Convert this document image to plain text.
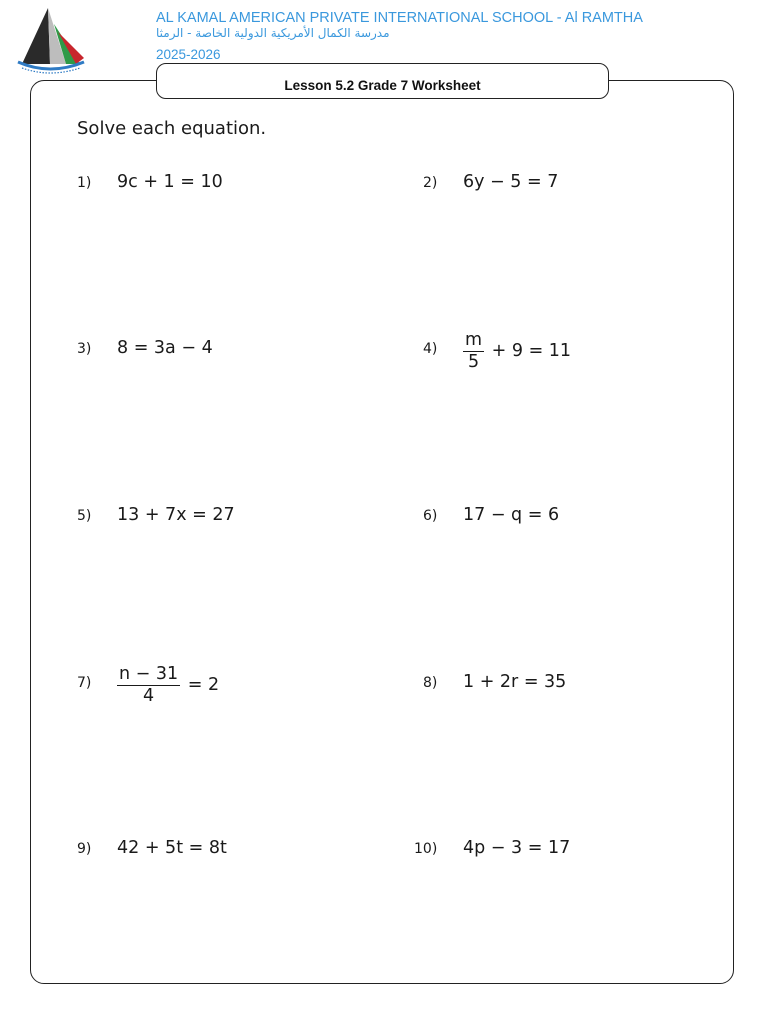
AL KAMAL AMERICAN PRIVATE INTERNATIONAL SCHOOL - Al RAMTHA
مدرسة الكمال الأمريكية الدولية الخاصة - الرمثا
2025-2026
Lesson 5.2 Grade 7 Worksheet
Solve each equation.
1) 9c + 1 = 10	2) 6y − 5 = 7
3) 8 = 3a − 4	$4) \frac{m}{5} + 9 = 11$
5) 13 + 7x = 27	6) 17 − q = 6
$7) \frac{n - 31}{4} = 2$	8) 1 + 2r = 35
9) 42 + 5t = 8t	10) 4p − 3 = 17
